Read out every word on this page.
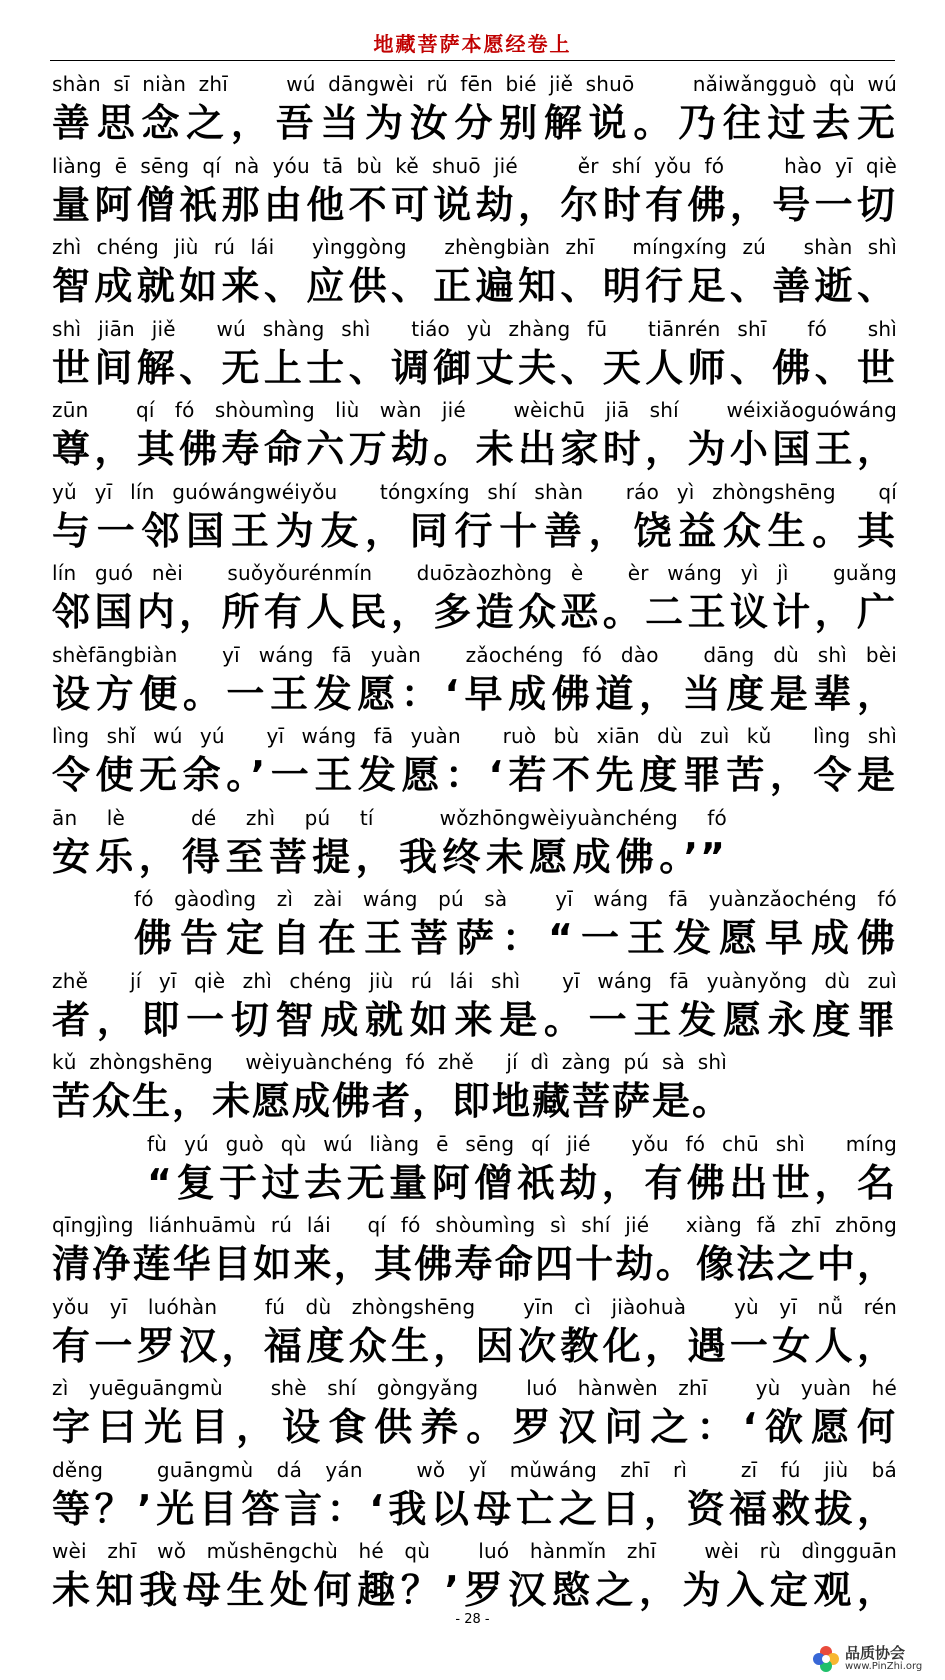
地藏菩萨本愿经卷上
shàn sī niàn zhī　　wú dāngwèi rǔ fēn bié jiě shuō　　nǎiwǎngguò qù wú
善思念之，吾当为汝分别解说。乃往过去无
liàng ē sēng qí nà yóu tā bù kě shuō jié　　ěr shí yǒu fó　　hào yī qiè
量阿僧祇那由他不可说劫，尔时有佛，号一切
zhì chéng jiù rú lái　yìnggòng　zhèngbiàn zhī　míngxíng zú　shàn shì
智成就如来、应供、正遍知、明行足、善逝、
shì jiān jiě　wú shàng shì　tiáo yù zhàng fū　tiānrén shī　fó　shì
世间解、无上士、调御丈夫、天人师、佛、世
zūn　qí fó shòumìng liù wàn jié　wèichū jiā shí　wéixiǎoguówáng
尊，其佛寿命六万劫。未出家时，为小国王，
yǔ yī lín guówángwéiyǒu　tóngxíng shí shàn　ráo yì zhòngshēng　qí
与一邻国王为友，同行十善，饶益众生。其
lín guó nèi　suǒyǒurénmín　duōzàozhòng è　èr wáng yì jì　guǎng
邻国内，所有人民，多造众恶。二王议计，广
shèfāngbiàn　yī wáng fā yuàn　zǎochéng fó dào　dāng dù shì bèi
设方便。一王发愿：‘早成佛道，当度是辈，
lìng shǐ wú yú　yī wáng fā yuàn　ruò bù xiān dù zuì kǔ　lìng shì
令使无余。’一王发愿：‘若不先度罪苦，令是
ān lè　dé zhì pú tí　wǒzhōngwèiyuànchéng fó
安乐，得至菩提，我终未愿成佛。’”
fó gàodìng zì zài wáng pú sà　yī wáng fā yuànzǎochéng fó
佛告定自在王菩萨：“一王发愿早成佛
zhě　jí yī qiè zhì chéng jiù rú lái shì　yī wáng fā yuànyǒng dù zuì
者，即一切智成就如来是。一王发愿永度罪
kǔ zhòngshēng　wèiyuànchéng fó zhě　jí dì zàng pú sà shì
苦众生，未愿成佛者，即地藏菩萨是。
fù yú guò qù wú liàng ē sēng qí jié　yǒu fó chū shì　míng
“复于过去无量阿僧祇劫，有佛出世，名
qīngjìng liánhuāmù rú lái　qí fó shòumìng sì shí jié　xiàng fǎ zhī zhōng
清净莲华目如来，其佛寿命四十劫。像法之中，
yǒu yī luóhàn　fú dù zhòngshēng　yīn cì jiàohuà　yù yī nǚ rén
有一罗汉，福度众生，因次教化，遇一女人，
zì yuēguāngmù　shè shí gòngyǎng　luó hànwèn zhī　yù yuàn hé
字曰光目，设食供养。罗汉问之：‘欲愿何
děng　guāngmù dá yán　wǒ yǐ mǔwáng zhī rì　zī fú jiù bá
等？’光目答言：‘我以母亡之日，资福救拔，
wèi zhī wǒ mǔshēngchù hé qù　luó hànmǐn zhī　wèi rù dìngguān
未知我母生处何趣？’罗汉愍之，为入定观，
- 28 -
品质协会
www.PinZhi.org
